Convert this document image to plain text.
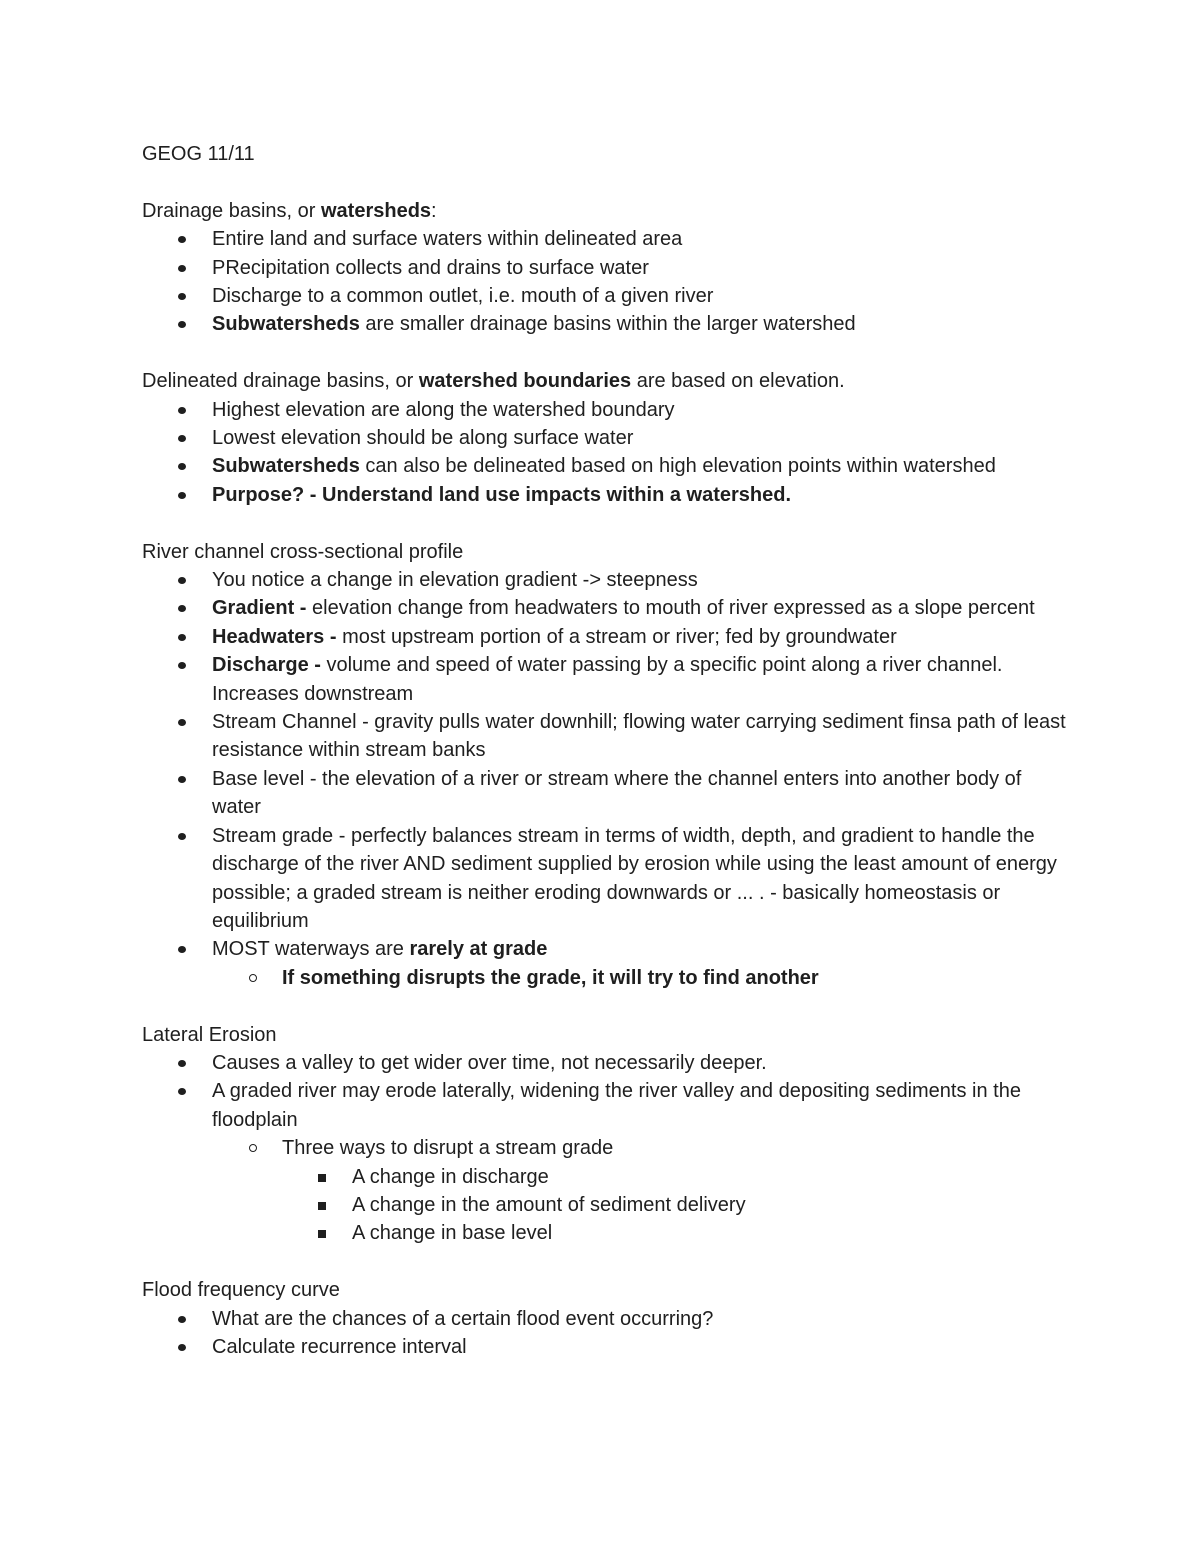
GEOG 11/11

Drainage basins, or watersheds:

Entire land and surface waters within delineated area
PRecipitation collects and drains to surface water
Discharge to a common outlet, i.e. mouth of a given river
Subwatersheds are smaller drainage basins within the larger watershed

Delineated drainage basins, or watershed boundaries are based on elevation.

Highest elevation are along the watershed boundary
Lowest elevation should be along surface water
Subwatersheds can also be delineated based on high elevation points within watershed
Purpose? - Understand land use impacts within a watershed.

River channel cross-sectional profile

You notice a change in elevation gradient -> steepness
Gradient - elevation change from headwaters to mouth of river expressed as a slope percent
Headwaters - most upstream portion of a stream or river; fed by groundwater
Discharge - volume and speed of water passing by a specific point along a river channel. Increases downstream
Stream Channel - gravity pulls water downhill; flowing water carrying sediment finsa path of least resistance within stream banks
Base level - the elevation of a river or stream where the channel enters into another body of water
Stream grade - perfectly balances stream in terms of width, depth, and gradient to handle the discharge of the river AND sediment supplied by erosion while using the least amount of energy possible; a graded stream is neither eroding downwards or ... . - basically homeostasis or equilibrium
MOST waterways are rarely at grade
If something disrupts the grade, it will try to find another

Lateral Erosion

Causes a valley to get wider over time, not necessarily deeper.
A graded river may erode laterally, widening the river valley and depositing sediments in the floodplain
Three ways to disrupt a stream grade
A change in discharge
A change in the amount of sediment delivery
A change in base level

Flood frequency curve

What are the chances of a certain flood event occurring?
Calculate recurrence interval
